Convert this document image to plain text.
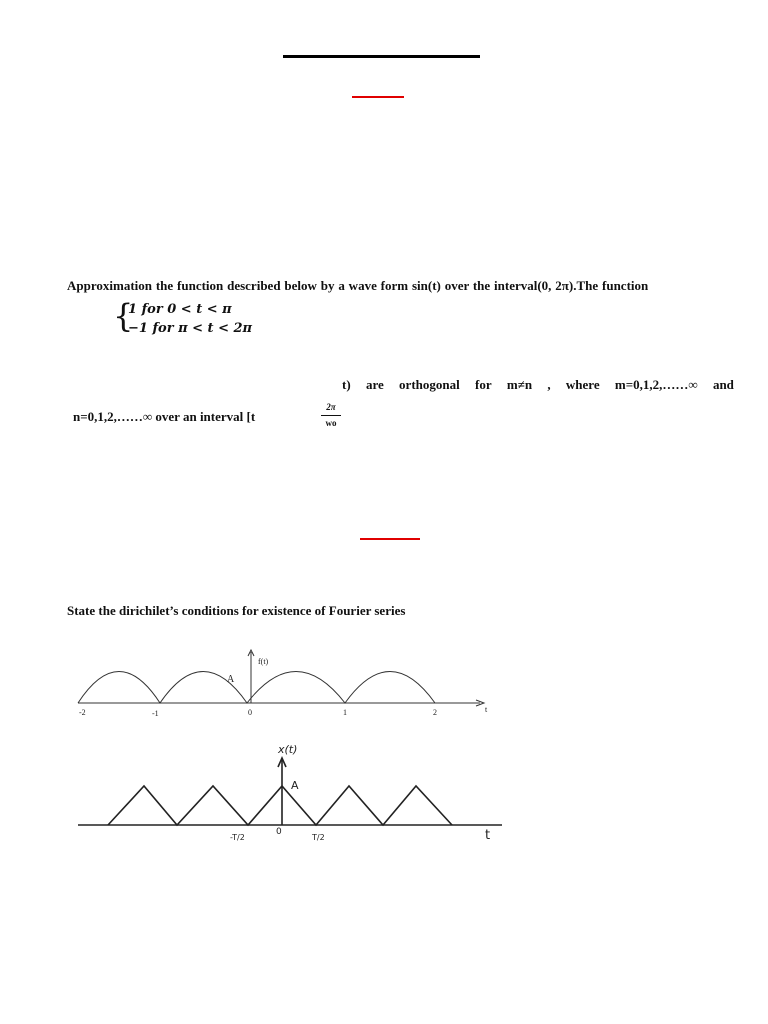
Approximation the function described below by a wave form sin(t) over the interval(0, 2π).The function
{
1 for 0 < t < π
−1 for π < t < 2π
t) are orthogonal for m≠n , where m=0,1,2,……∞ and
n=0,1,2,……∞ over an interval [t
2π
wo
State the dirichilet’s conditions for existence of Fourier series
f(t)
A
t
-2	-1	0	1	2
x(t)
A
t
-T/2
0
T/2
